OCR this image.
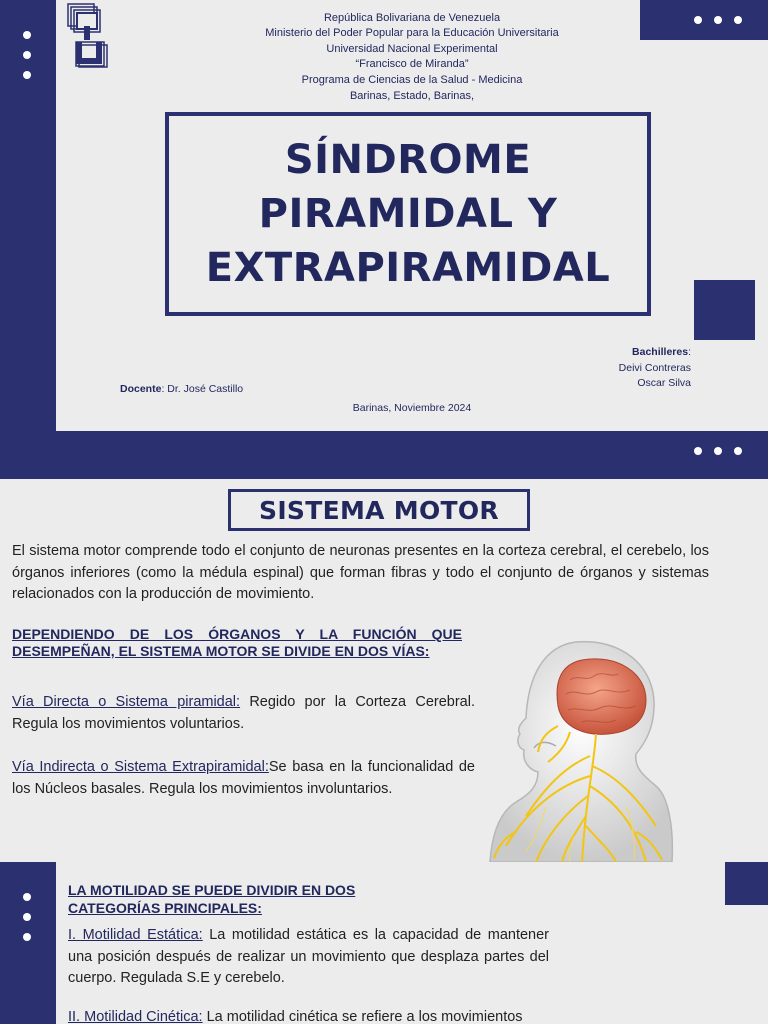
República Bolivariana de Venezuela
Ministerio del Poder Popular para la Educación Universitaria
Universidad Nacional Experimental
“Francisco de Miranda”
Programa de Ciencias de la Salud - Medicina
Barinas, Estado, Barinas,
SÍNDROME
PIRAMIDAL Y
EXTRAPIRAMIDAL
Bachilleres:
Deivi Contreras
Oscar Silva
Docente: Dr. José Castillo
Barinas, Noviembre 2024
SISTEMA MOTOR

El sistema motor comprende todo el conjunto de neuronas presentes en la corteza cerebral, el cerebelo, los órganos inferiores (como la médula espinal) que forman fibras y todo el conjunto de órganos y sistemas relacionados con la producción de movimiento.

DEPENDIENDO DE LOS ÓRGANOS Y LA FUNCIÓN QUE DESEMPEÑAN, EL SISTEMA MOTOR SE DIVIDE EN DOS VÍAS:

Vía Directa o Sistema piramidal: Regido por la Corteza Cerebral. Regula los movimientos voluntarios.

Vía Indirecta o Sistema Extrapiramidal:Se basa en la funcionalidad de los Núcleos basales. Regula los movimientos involuntarios.

LA MOTILIDAD SE PUEDE DIVIDIR EN DOS CATEGORÍAS PRINCIPALES:

I. Motilidad Estática: La motilidad estática es la capacidad de mantener una posición después de realizar un movimiento que desplaza partes del cuerpo. Regulada S.E y cerebelo.

II. Motilidad Cinética: La motilidad cinética se refiere a los movimientos
